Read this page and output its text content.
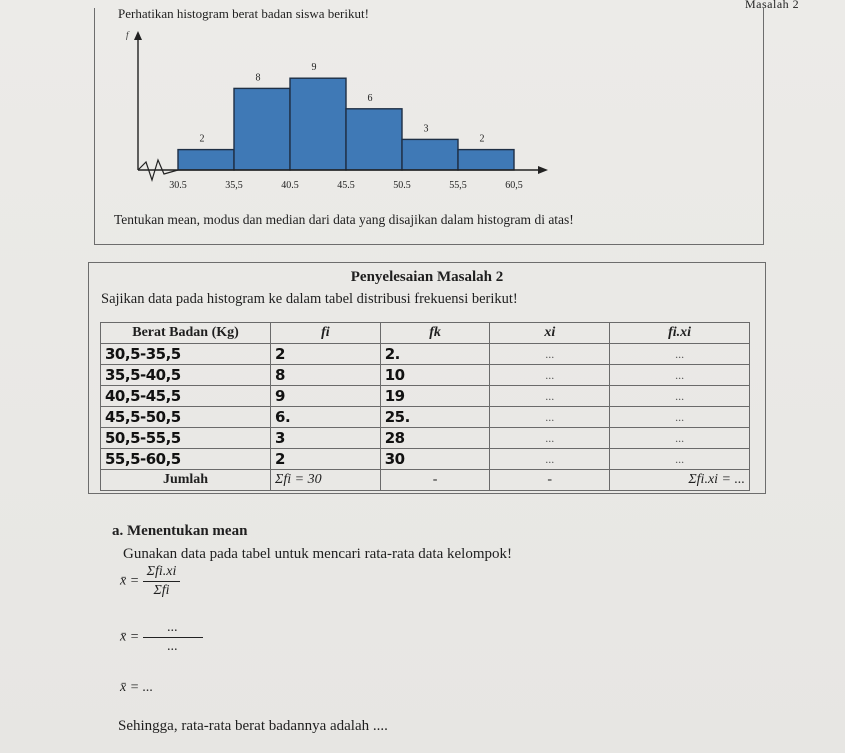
Masalah 2
Perhatikan histogram berat badan siswa berikut!
f
2
8
9
6
3
2
30.5	35,5	40.5	45.5	50.5	55,5	60,5
Tentukan mean, modus dan median dari data yang disajikan dalam histogram di atas!
Penyelesaian Masalah 2
Sajikan data pada histogram ke dalam tabel distribusi frekuensi berikut!
Berat Badan (Kg)	fi	fk	xi	fi.xi
30,5-35,5	2	2.	...	...
35,5-40,5	8	10	...	...
40,5-45,5	9	19	...	...
45,5-50,5	6.	25.	...	...
50,5-55,5	3	28	...	...
55,5-60,5	2	30	...	...
Jumlah	Σfi = 30	-	-	Σfi.xi = ...
a. Menentukan mean
Gunakan data pada tabel untuk mencari rata-rata data kelompok!
x̄ = $\frac{\text{Σfi.xi}}{\text{Σfi}}$
x̄ = $\frac{...}{...}$
x̄ = ...
Sehingga, rata-rata berat badannya adalah ....
